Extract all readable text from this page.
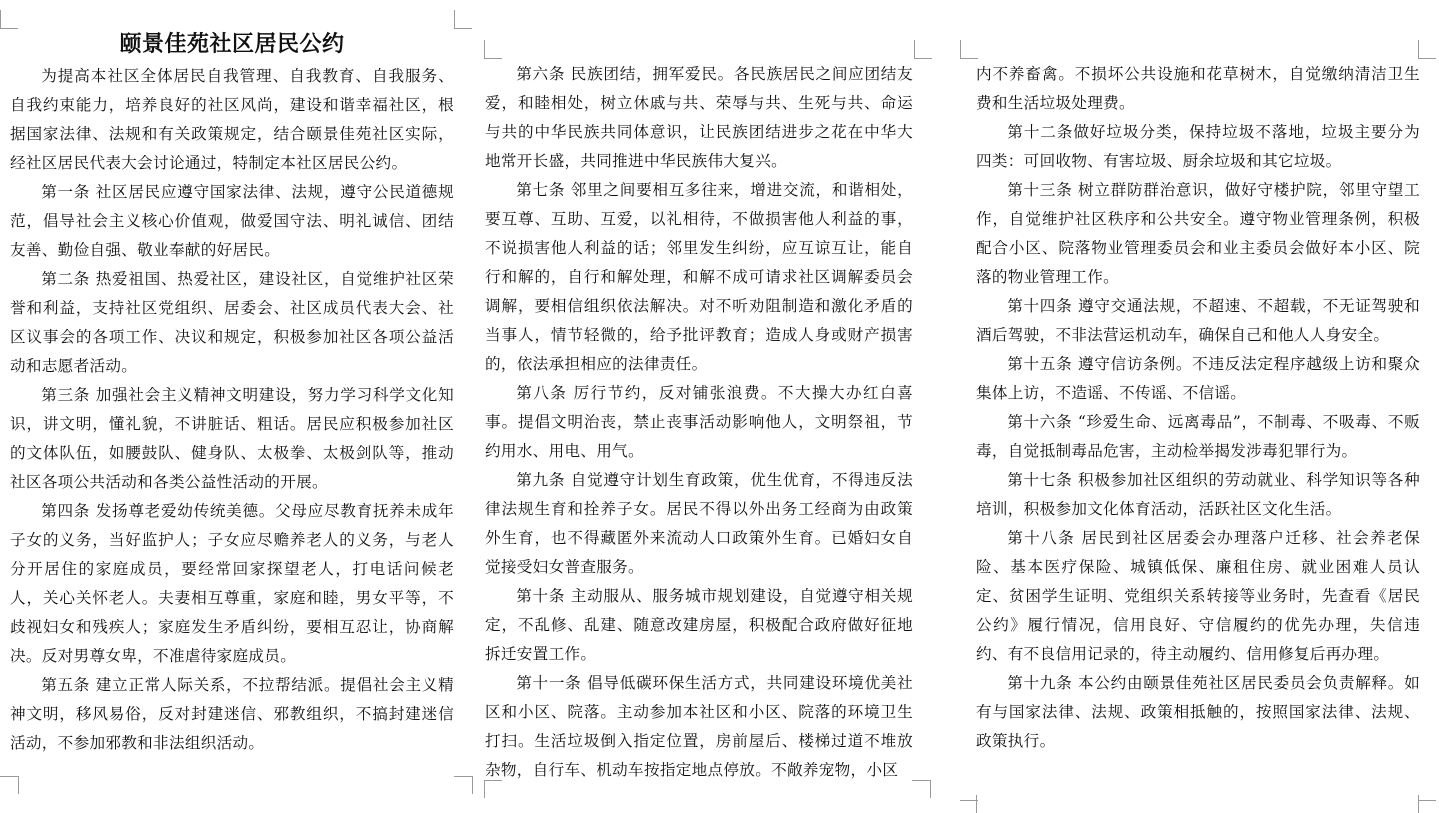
颐景佳苑社区居民公约

为提高本社区全体居民自我管理、自我教育、自我服务、自我约束能力，培养良好的社区风尚，建设和谐幸福社区，根据国家法律、法规和有关政策规定，结合颐景佳苑社区实际，经社区居民代表大会讨论通过，特制定本社区居民公约。

第一条 社区居民应遵守国家法律、法规，遵守公民道德规范，倡导社会主义核心价值观，做爱国守法、明礼诚信、团结友善、勤俭自强、敬业奉献的好居民。

第二条 热爱祖国、热爱社区，建设社区，自觉维护社区荣誉和利益，支持社区党组织、居委会、社区成员代表大会、社区议事会的各项工作、决议和规定，积极参加社区各项公益活动和志愿者活动。

第三条 加强社会主义精神文明建设，努力学习科学文化知识，讲文明，懂礼貌，不讲脏话、粗话。居民应积极参加社区的文体队伍，如腰鼓队、健身队、太极拳、太极剑队等，推动社区各项公共活动和各类公益性活动的开展。

第四条 发扬尊老爱幼传统美德。父母应尽教育抚养未成年子女的义务，当好监护人；子女应尽赡养老人的义务，与老人分开居住的家庭成员，要经常回家探望老人，打电话问候老人，关心关怀老人。夫妻相互尊重，家庭和睦，男女平等，不歧视妇女和残疾人；家庭发生矛盾纠纷，要相互忍让，协商解决。反对男尊女卑，不准虐待家庭成员。

第五条 建立正常人际关系，不拉帮结派。提倡社会主义精神文明，移风易俗，反对封建迷信、邪教组织，不搞封建迷信活动，不参加邪教和非法组织活动。

第六条 民族团结，拥军爱民。各民族居民之间应团结友爱，和睦相处，树立休戚与共、荣辱与共、生死与共、命运与共的中华民族共同体意识，让民族团结进步之花在中华大地常开长盛，共同推进中华民族伟大复兴。

第七条 邻里之间要相互多往来，增进交流，和谐相处，要互尊、互助、互爱，以礼相待，不做损害他人利益的事，不说损害他人利益的话；邻里发生纠纷，应互谅互让，能自行和解的，自行和解处理，和解不成可请求社区调解委员会调解，要相信组织依法解决。对不听劝阻制造和激化矛盾的当事人，情节轻微的，给予批评教育；造成人身或财产损害的，依法承担相应的法律责任。

第八条 厉行节约，反对铺张浪费。不大操大办红白喜事。提倡文明治丧，禁止丧事活动影响他人，文明祭祖，节约用水、用电、用气。

第九条 自觉遵守计划生育政策，优生优育，不得违反法律法规生育和拴养子女。居民不得以外出务工经商为由政策外生育，也不得藏匿外来流动人口政策外生育。已婚妇女自觉接受妇女普查服务。

第十条 主动服从、服务城市规划建设，自觉遵守相关规定，不乱修、乱建、随意改建房屋，积极配合政府做好征地拆迁安置工作。

第十一条 倡导低碳环保生活方式，共同建设环境优美社区和小区、院落。主动参加本社区和小区、院落的环境卫生打扫。生活垃圾倒入指定位置，房前屋后、楼梯过道不堆放杂物，自行车、机动车按指定地点停放。不敞养宠物，小区

内不养畜禽。不损坏公共设施和花草树木，自觉缴纳清洁卫生费和生活垃圾处理费。

第十二条做好垃圾分类，保持垃圾不落地，垃圾主要分为四类：可回收物、有害垃圾、厨余垃圾和其它垃圾。

第十三条 树立群防群治意识，做好守楼护院，邻里守望工作，自觉维护社区秩序和公共安全。遵守物业管理条例，积极配合小区、院落物业管理委员会和业主委员会做好本小区、院落的物业管理工作。

第十四条 遵守交通法规，不超速、不超载，不无证驾驶和酒后驾驶，不非法营运机动车，确保自己和他人人身安全。

第十五条 遵守信访条例。不违反法定程序越级上访和聚众集体上访，不造谣、不传谣、不信谣。

第十六条 “珍爱生命、远离毒品”，不制毒、不吸毒、不贩毒，自觉抵制毒品危害，主动检举揭发涉毒犯罪行为。

第十七条 积极参加社区组织的劳动就业、科学知识等各种培训，积极参加文化体育活动，活跃社区文化生活。

第十八条 居民到社区居委会办理落户迁移、社会养老保险、基本医疗保险、城镇低保、廉租住房、就业困难人员认定、贫困学生证明、党组织关系转接等业务时，先查看《居民公约》履行情况，信用良好、守信履约的优先办理，失信违约、有不良信用记录的，待主动履约、信用修复后再办理。

第十九条 本公约由颐景佳苑社区居民委员会负责解释。如有与国家法律、法规、政策相抵触的，按照国家法律、法规、政策执行。
